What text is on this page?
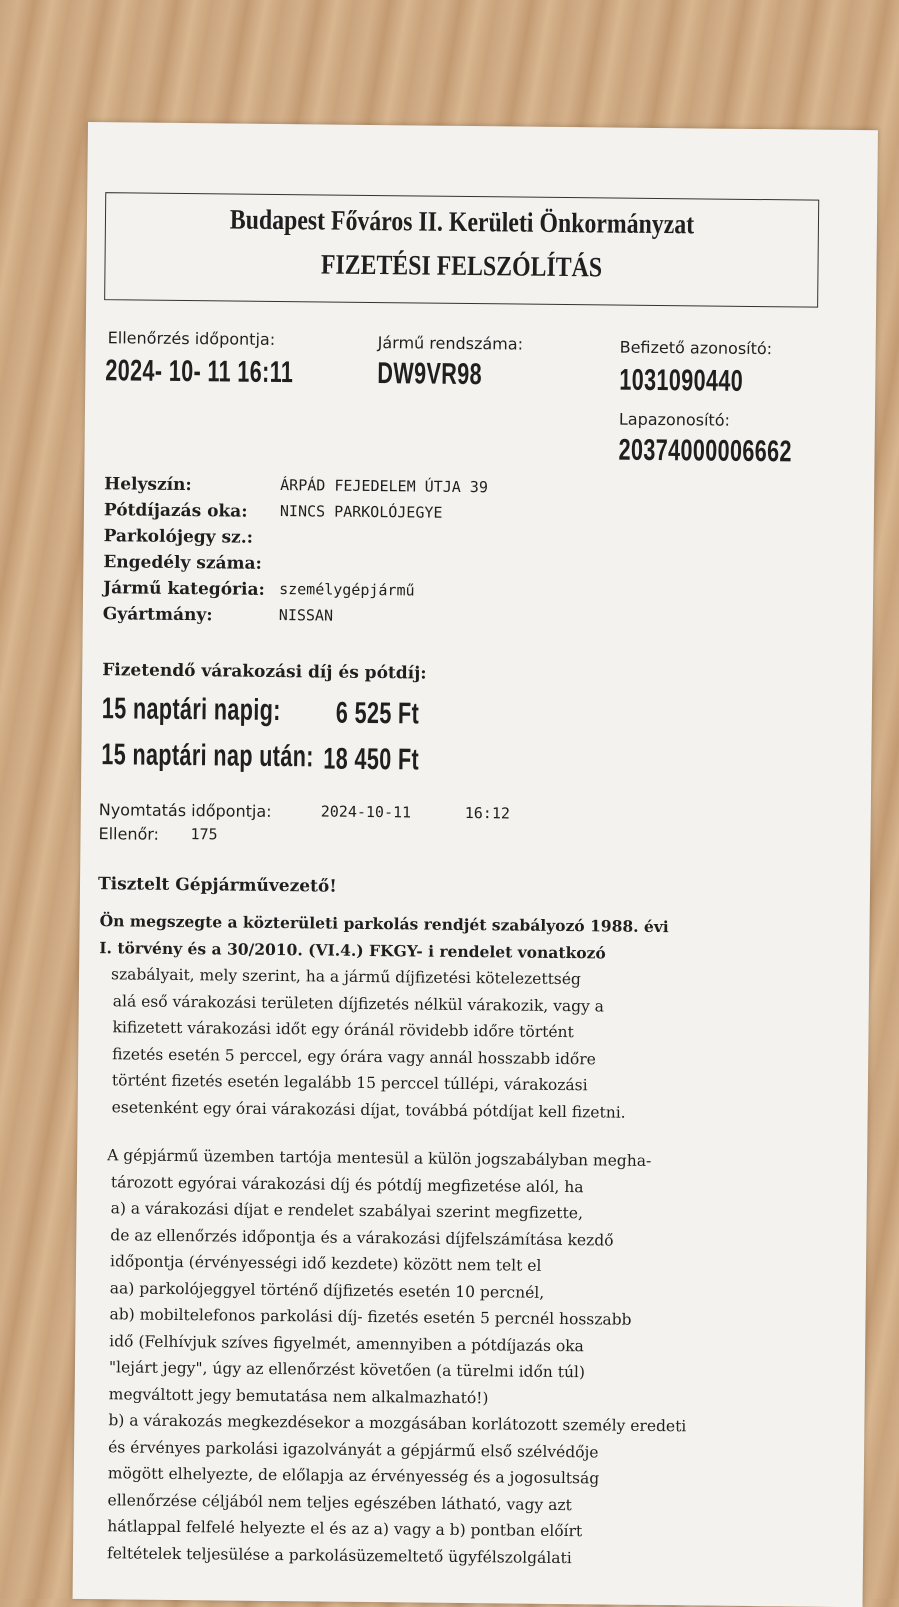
Budapest Főváros II. Kerületi Önkormányzat
FIZETÉSI FELSZÓLÍTÁS
Ellenőrzés időpontja:
2024- 10- 11 16:11
Jármű rendszáma:
DW9VR98
Befizető azonosító:
1031090440
Lapazonosító:
20374000006662
Helyszín:	ÁRPÁD FEJEDELEM ÚTJA 39
Pótdíjazás oka: NINCS PARKOLÓJEGYE
Parkolójegy sz.:
Engedély száma:
Jármű kategória: személygépjármű
Gyártmány:	NISSAN
Fizetendő várakozási díj és pótdíj:
15 naptári napig: 6 525 Ft
15 naptári nap után: 18 450 Ft
Nyomtatás időpontja:	2024-10-11	16:12
Ellenőr: 175
Tisztelt Gépjárművezető!
Ön megszegte a közterületi parkolás rendjét szabályozó 1988. évi
I. törvény és a 30/2010. (VI.4.) FKGY- i rendelet vonatkozó
szabályait, mely szerint, ha a jármű díjfizetési kötelezettség
alá eső várakozási területen díjfizetés nélkül várakozik, vagy a
kifizetett várakozási időt egy óránál rövidebb időre történt
fizetés esetén 5 perccel, egy órára vagy annál hosszabb időre
történt fizetés esetén legalább 15 perccel túllépi, várakozási
esetenként egy órai várakozási díjat, továbbá pótdíjat kell fizetni.
A gépjármű üzemben tartója mentesül a külön jogszabályban megha-
tározott egyórai várakozási díj és pótdíj megfizetése alól, ha
a) a várakozási díjat e rendelet szabályai szerint megfizette,
de az ellenőrzés időpontja és a várakozási díjfelszámítása kezdő
időpontja (érvényességi idő kezdete) között nem telt el
aa) parkolójeggyel történő díjfizetés esetén 10 percnél,
ab) mobiltelefonos parkolási díj- fizetés esetén 5 percnél hosszabb
idő (Felhívjuk szíves figyelmét, amennyiben a pótdíjazás oka
"lejárt jegy", úgy az ellenőrzést követően (a türelmi időn túl)
megváltott jegy bemutatása nem alkalmazható!)
b) a várakozás megkezdésekor a mozgásában korlátozott személy eredeti
és érvényes parkolási igazolványát a gépjármű első szélvédője
mögött elhelyezte, de előlapja az érvényesség és a jogosultság
ellenőrzése céljából nem teljes egészében látható, vagy azt
hátlappal felfelé helyezte el és az a) vagy a b) pontban előírt
feltételek teljesülése a parkolásüzemeltető ügyfélszolgálati
